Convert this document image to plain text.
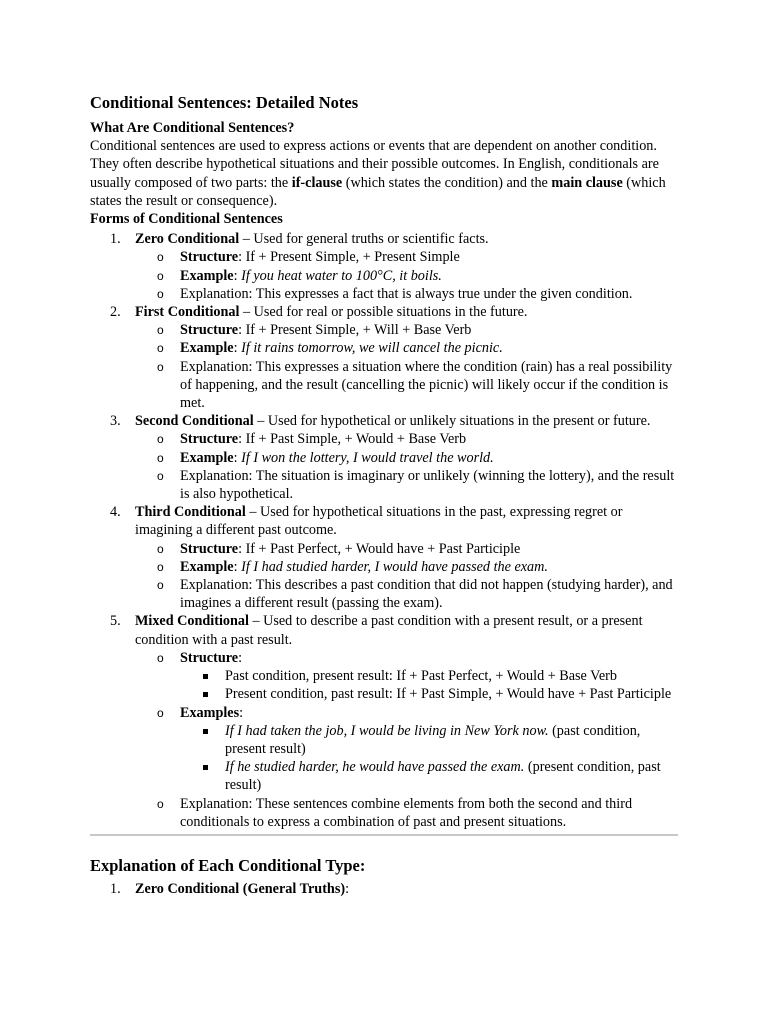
Conditional Sentences: Detailed Notes
What Are Conditional Sentences?

Conditional sentences are used to express actions or events that are dependent on another condition. They often describe hypothetical situations and their possible outcomes. In English, conditionals are usually composed of two parts: the if-clause (which states the condition) and the main clause (which states the result or consequence).

Forms of Conditional Sentences
1. Zero Conditional – Used for general truths or scientific facts.
o Structure: If + Present Simple, + Present Simple
o Example: If you heat water to 100°C, it boils.
o Explanation: This expresses a fact that is always true under the given condition.
2. First Conditional – Used for real or possible situations in the future.
o Structure: If + Present Simple, + Will + Base Verb
o Example: If it rains tomorrow, we will cancel the picnic.
o Explanation: This expresses a situation where the condition (rain) has a real possibility of happening, and the result (cancelling the picnic) will likely occur if the condition is met.
3. Second Conditional – Used for hypothetical or unlikely situations in the present or future.
o Structure: If + Past Simple, + Would + Base Verb
o Example: If I won the lottery, I would travel the world.
o Explanation: The situation is imaginary or unlikely (winning the lottery), and the result is also hypothetical.
4. Third Conditional – Used for hypothetical situations in the past, expressing regret or imagining a different past outcome.
o Structure: If + Past Perfect, + Would have + Past Participle
o Example: If I had studied harder, I would have passed the exam.
o Explanation: This describes a past condition that did not happen (studying harder), and imagines a different result (passing the exam).
5. Mixed Conditional – Used to describe a past condition with a present result, or a present condition with a past result.
o Structure:
Past condition, present result: If + Past Perfect, + Would + Base Verb
Present condition, past result: If + Past Simple, + Would have + Past Participle
o Examples:
If I had taken the job, I would be living in New York now. (past condition, present result)
If he studied harder, he would have passed the exam. (present condition, past result)
o Explanation: These sentences combine elements from both the second and third conditionals to express a combination of past and present situations.
Explanation of Each Conditional Type:
1. Zero Conditional (General Truths):
